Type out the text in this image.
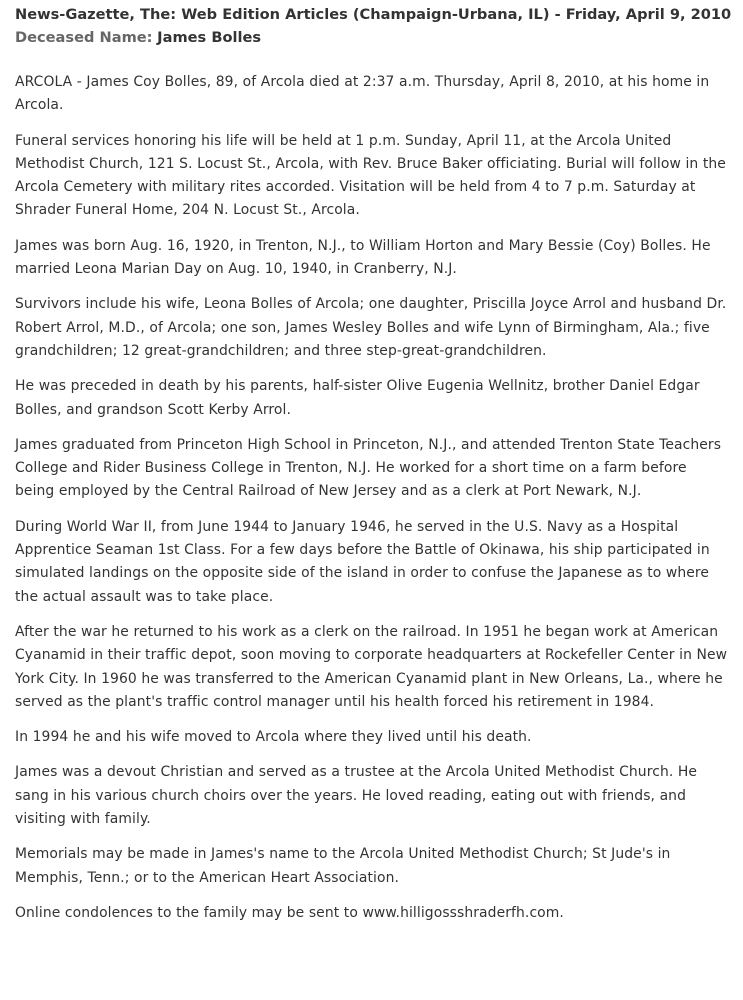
News-Gazette, The: Web Edition Articles (Champaign-Urbana, IL) - Friday, April 9, 2010
Deceased Name: James Bolles

ARCOLA - James Coy Bolles, 89, of Arcola died at 2:37 a.m. Thursday, April 8, 2010, at his home in Arcola.

Funeral services honoring his life will be held at 1 p.m. Sunday, April 11, at the Arcola United Methodist Church, 121 S. Locust St., Arcola, with Rev. Bruce Baker officiating. Burial will follow in the Arcola Cemetery with military rites accorded. Visitation will be held from 4 to 7 p.m. Saturday at Shrader Funeral Home, 204 N. Locust St., Arcola.

James was born Aug. 16, 1920, in Trenton, N.J., to William Horton and Mary Bessie (Coy) Bolles. He married Leona Marian Day on Aug. 10, 1940, in Cranberry, N.J.

Survivors include his wife, Leona Bolles of Arcola; one daughter, Priscilla Joyce Arrol and husband Dr. Robert Arrol, M.D., of Arcola; one son, James Wesley Bolles and wife Lynn of Birmingham, Ala.; five grandchildren; 12 great-grandchildren; and three step-great-grandchildren.

He was preceded in death by his parents, half-sister Olive Eugenia Wellnitz, brother Daniel Edgar Bolles, and grandson Scott Kerby Arrol.

James graduated from Princeton High School in Princeton, N.J., and attended Trenton State Teachers College and Rider Business College in Trenton, N.J. He worked for a short time on a farm before being employed by the Central Railroad of New Jersey and as a clerk at Port Newark, N.J.

During World War II, from June 1944 to January 1946, he served in the U.S. Navy as a Hospital Apprentice Seaman 1st Class. For a few days before the Battle of Okinawa, his ship participated in simulated landings on the opposite side of the island in order to confuse the Japanese as to where the actual assault was to take place.

After the war he returned to his work as a clerk on the railroad. In 1951 he began work at American Cyanamid in their traffic depot, soon moving to corporate headquarters at Rockefeller Center in New York City. In 1960 he was transferred to the American Cyanamid plant in New Orleans, La., where he served as the plant's traffic control manager until his health forced his retirement in 1984.

In 1994 he and his wife moved to Arcola where they lived until his death.

James was a devout Christian and served as a trustee at the Arcola United Methodist Church. He sang in his various church choirs over the years. He loved reading, eating out with friends, and visiting with family.

Memorials may be made in James's name to the Arcola United Methodist Church; St Jude's in Memphis, Tenn.; or to the American Heart Association.

Online condolences to the family may be sent to www.hilligossshraderfh.com.
